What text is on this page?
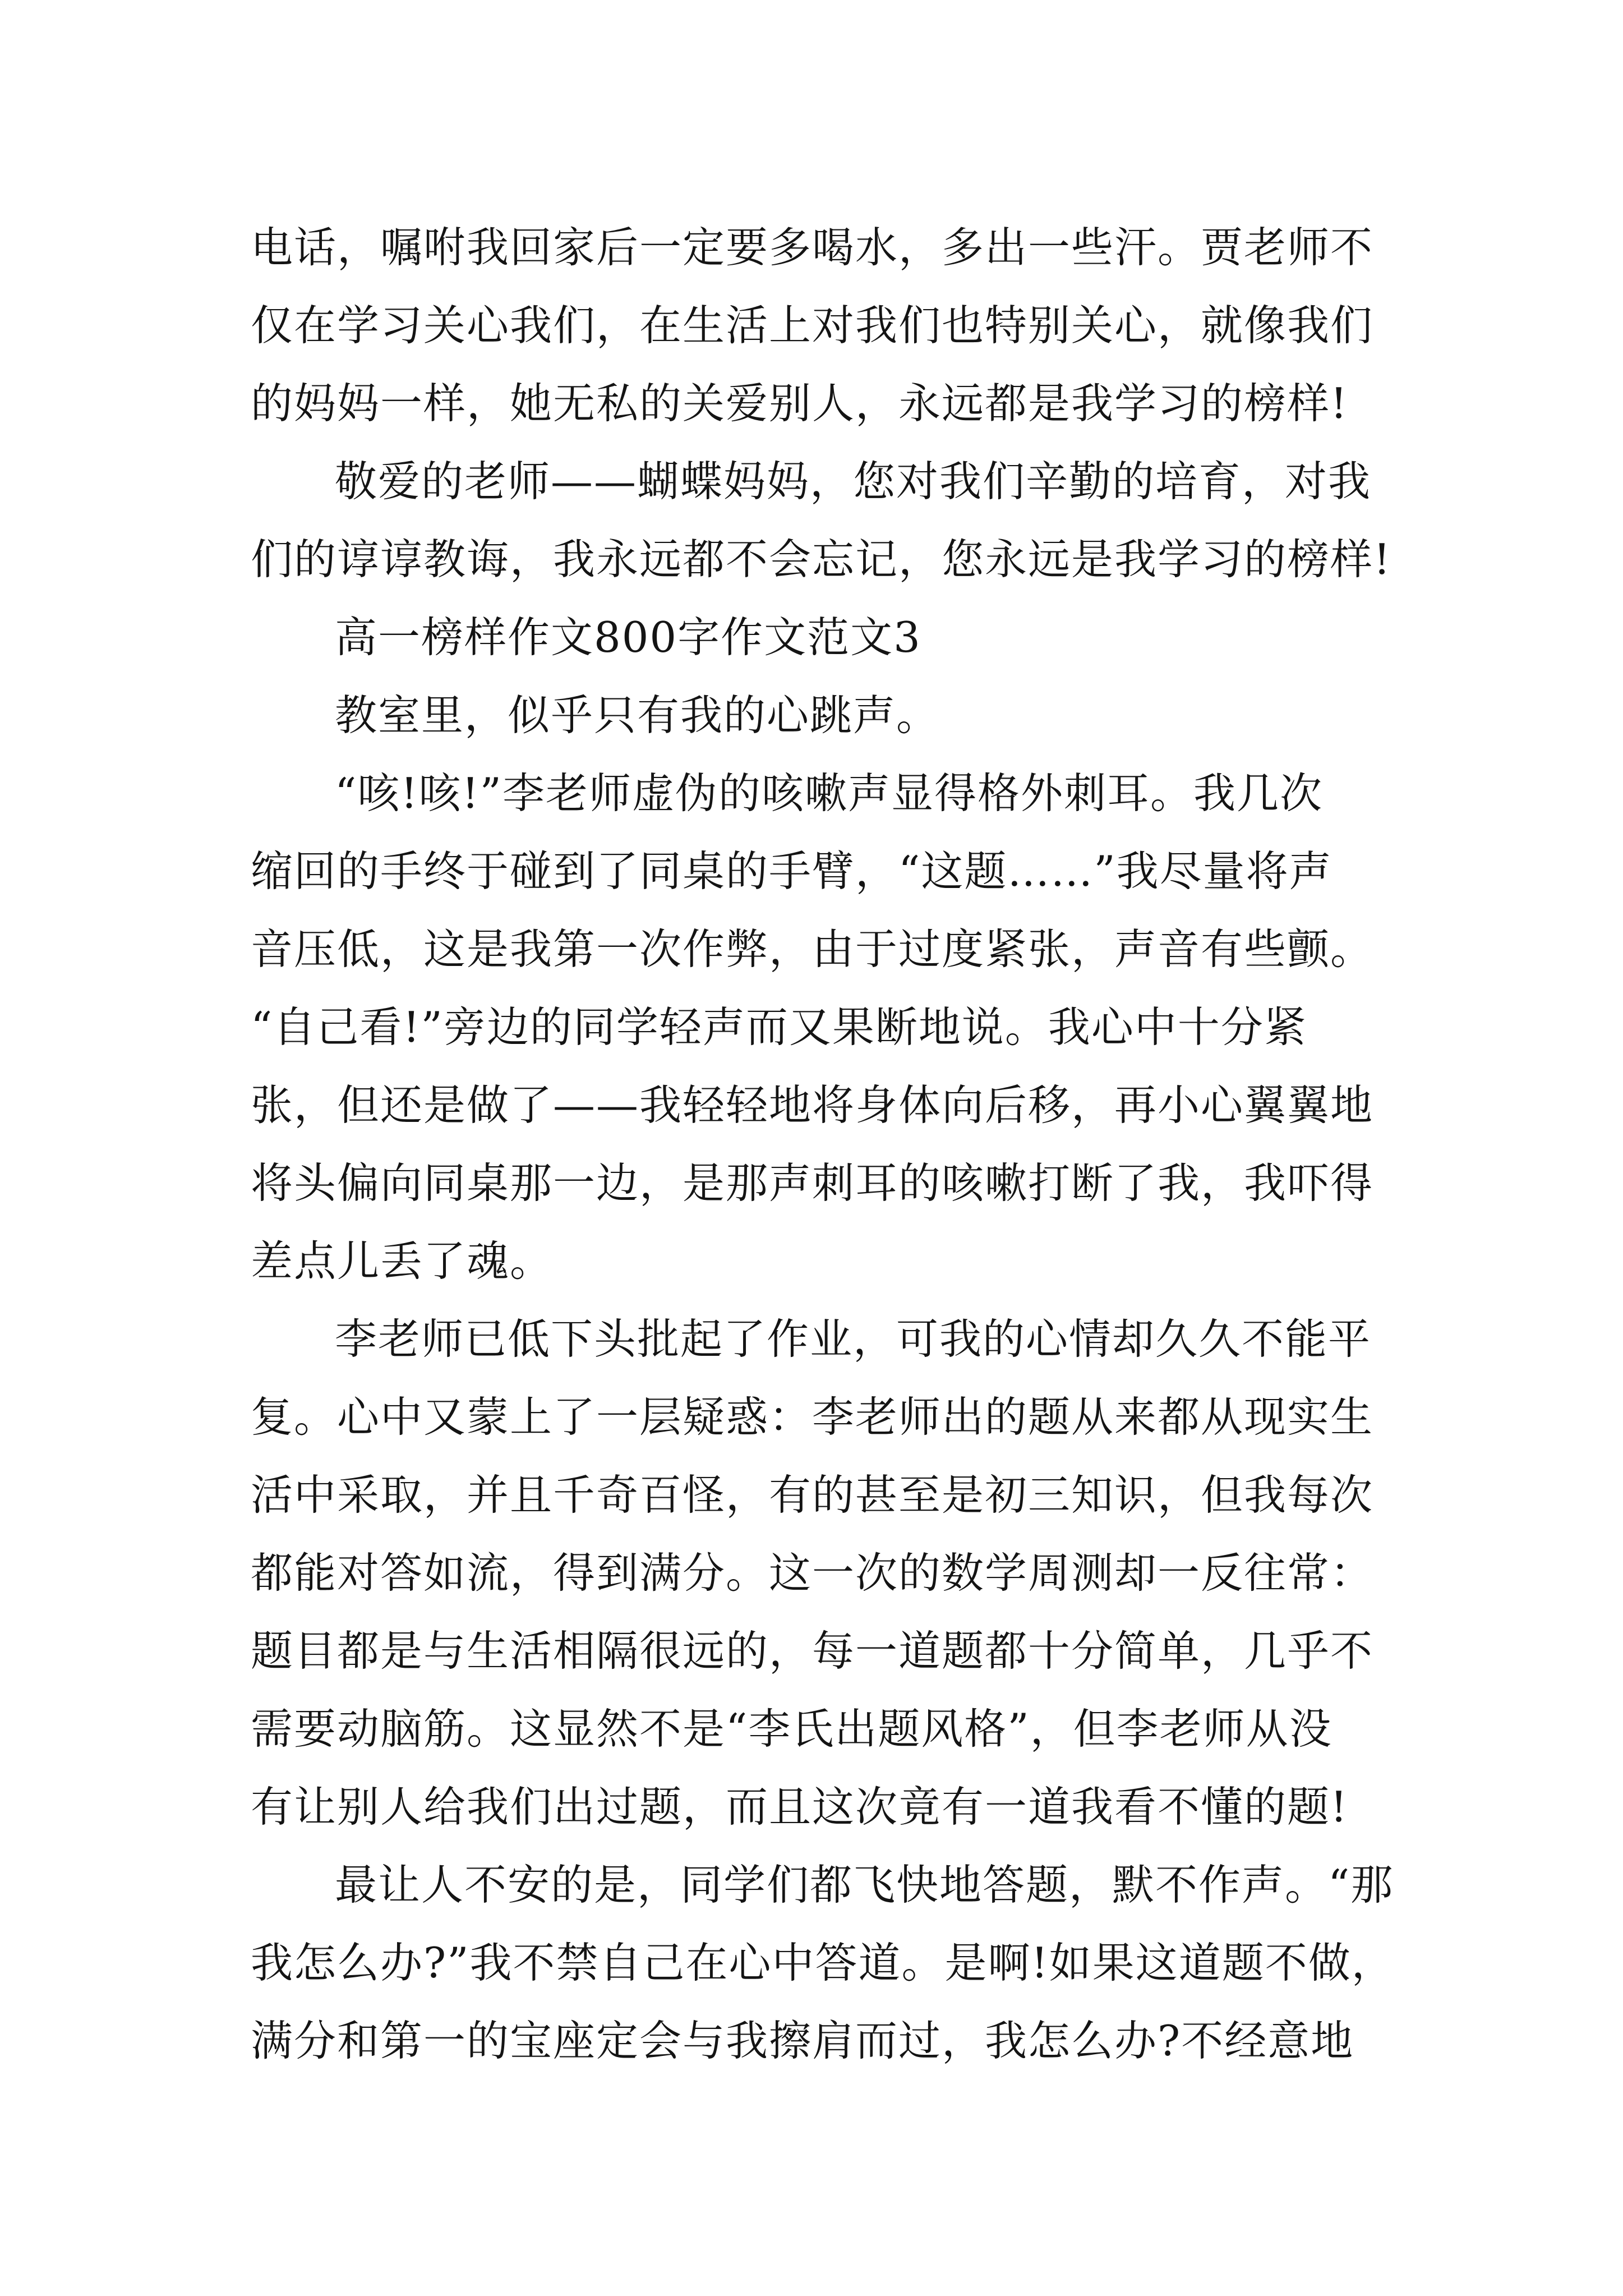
电话，嘱咐我回家后一定要多喝水，多出一些汗。贾老师不
仅在学习关心我们，在生活上对我们也特别关心，就像我们
的妈妈一样，她无私的关爱别人，永远都是我学习的榜样!
敬爱的老师——蝴蝶妈妈，您对我们辛勤的培育，对我
们的谆谆教诲，我永远都不会忘记，您永远是我学习的榜样!
高一榜样作文800字作文范文3
教室里，似乎只有我的心跳声。
“咳!咳!”李老师虚伪的咳嗽声显得格外刺耳。我几次
缩回的手终于碰到了同桌的手臂，“这题……”我尽量将声
音压低，这是我第一次作弊，由于过度紧张，声音有些颤。
“自己看!”旁边的同学轻声而又果断地说。我心中十分紧
张，但还是做了——我轻轻地将身体向后移，再小心翼翼地
将头偏向同桌那一边，是那声刺耳的咳嗽打断了我，我吓得
差点儿丢了魂。
李老师已低下头批起了作业，可我的心情却久久不能平
复。心中又蒙上了一层疑惑：李老师出的题从来都从现实生
活中采取，并且千奇百怪，有的甚至是初三知识，但我每次
都能对答如流，得到满分。这一次的数学周测却一反往常：
题目都是与生活相隔很远的，每一道题都十分简单，几乎不
需要动脑筋。这显然不是“李氏出题风格”，但李老师从没
有让别人给我们出过题，而且这次竟有一道我看不懂的题!
最让人不安的是，同学们都飞快地答题，默不作声。“那
我怎么办?”我不禁自己在心中答道。是啊!如果这道题不做，
满分和第一的宝座定会与我擦肩而过，我怎么办?不经意地
